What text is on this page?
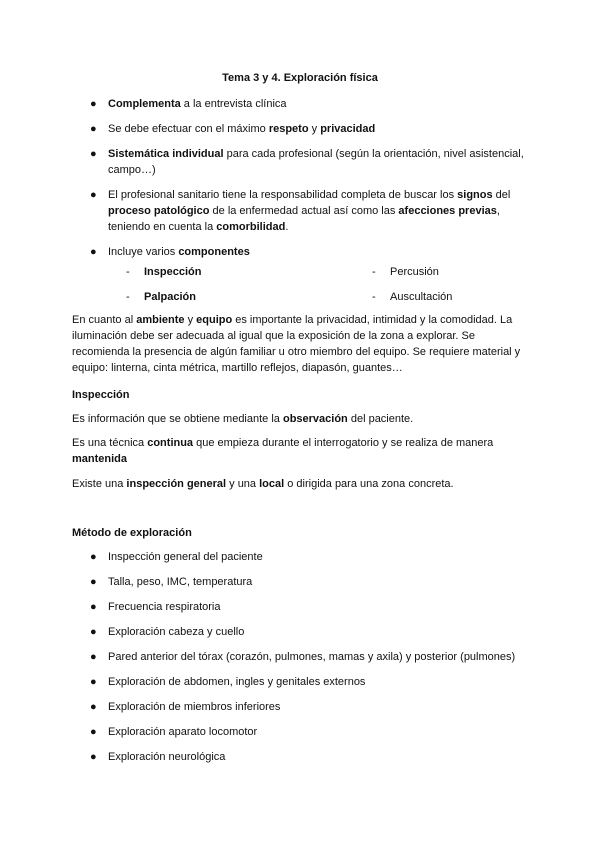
Tema 3 y 4. Exploración física
●	Complementa a la entrevista clínica
●	Se debe efectuar con el máximo respeto y privacidad
●	Sistemática individual para cada profesional (según la orientación, nivel asistencial, campo…)
●	El profesional sanitario tiene la responsabilidad completa de buscar los signos del proceso patológico de la enfermedad actual así como las afecciones previas, teniendo en cuenta la comorbilidad.
●	Incluye varios componentes
-	Inspección	-	Percusión
-	Palpación	-	Auscultación
En cuanto al ambiente y equipo es importante la privacidad, intimidad y la comodidad. La iluminación debe ser adecuada al igual que la exposición de la zona a explorar. Se recomienda la presencia de algún familiar u otro miembro del equipo. Se requiere material y equipo: linterna, cinta métrica, martillo reflejos, diapasón, guantes…
Inspección
Es información que se obtiene mediante la observación del paciente.
Es una técnica continua que empieza durante el interrogatorio y se realiza de manera mantenida
Existe una inspección general y una local o dirigida para una zona concreta.
Método de exploración
●	Inspección general del paciente
●	Talla, peso, IMC, temperatura
●	Frecuencia respiratoria
●	Exploración cabeza y cuello
●	Pared anterior del tórax (corazón, pulmones, mamas y axila) y posterior (pulmones)
●	Exploración de abdomen, ingles y genitales externos
●	Exploración de miembros inferiores
●	Exploración aparato locomotor
●	Exploración neurológica
